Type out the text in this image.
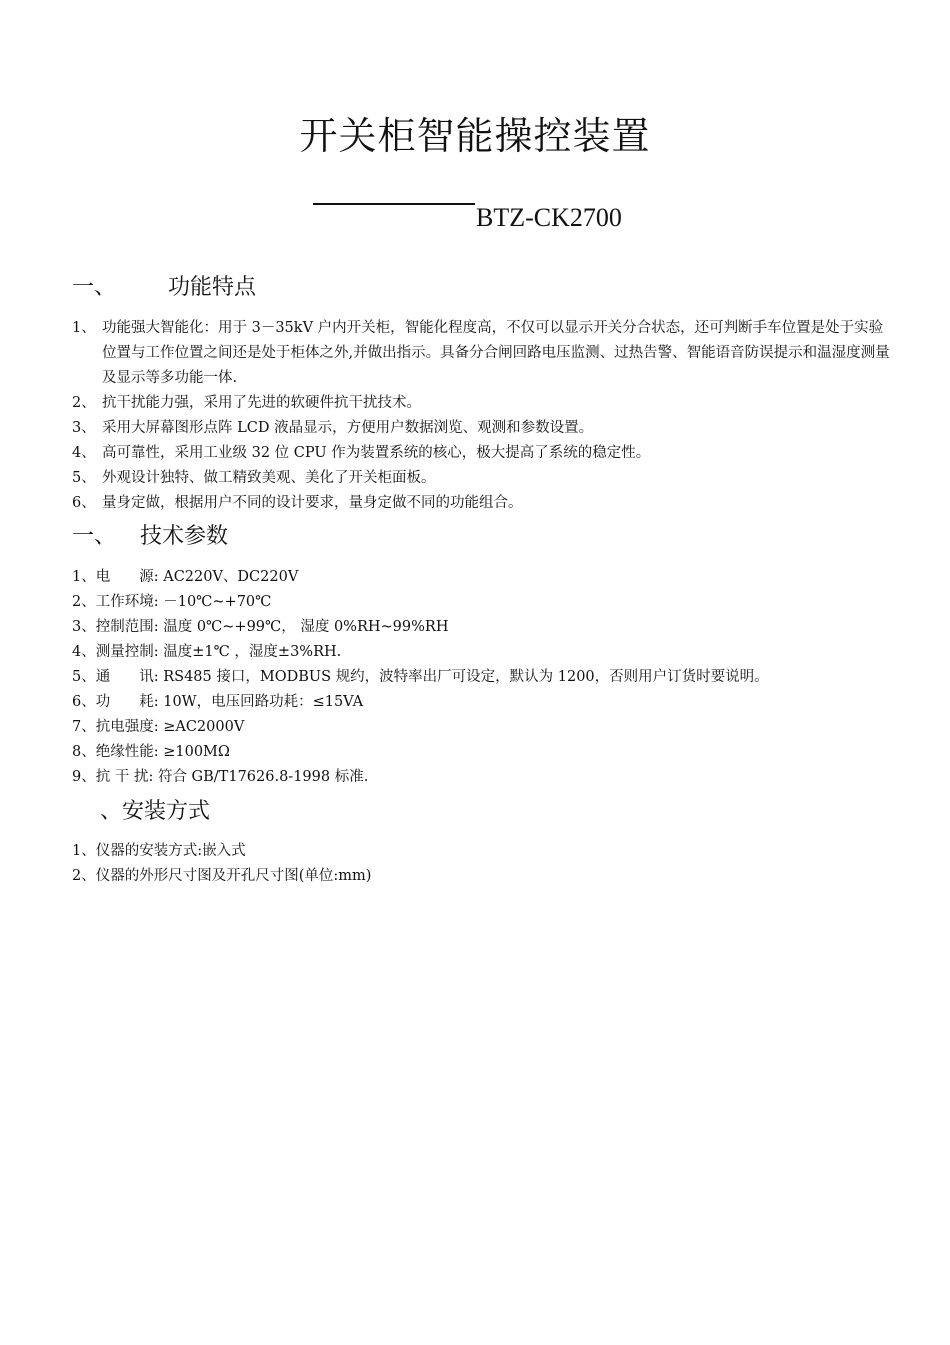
开关柜智能操控装置
BTZ-CK2700
一、 功能特点
1、 功能强大智能化：用于 3－35kV 户内开关柜，智能化程度高，不仅可以显示开关分合状态，还可判断手车位置是处于实验位置与工作位置之间还是处于柜体之外,并做出指示。具备分合闸回路电压监测、过热告警、智能语音防误提示和温湿度测量及显示等多功能一体.
2、 抗干扰能力强，采用了先进的软硬件抗干扰技术。
3、 采用大屏幕图形点阵 LCD 液晶显示，方便用户数据浏览、观测和参数设置。
4、 高可靠性，采用工业级 32 位 CPU 作为装置系统的核心，极大提高了系统的稳定性。
5、 外观设计独特、做工精致美观、美化了开关柜面板。
6、 量身定做，根据用户不同的设计要求，量身定做不同的功能组合。
一、 技术参数
1、电　　源: AC220V、DC220V
2、工作环境: －10℃~+70℃
3、控制范围: 温度 0℃~+99℃， 湿度 0%RH~99%RH
4、测量控制: 温度±1℃ ，湿度±3%RH.
5、通　　讯: RS485 接口，MODBUS 规约，波特率出厂可设定，默认为 1200，否则用户订货时要说明。
6、功　　耗: 10W，电压回路功耗：≤15VA
7、抗电强度: ≥AC2000V
8、绝缘性能: ≥100MΩ
9、抗 干 扰: 符合 GB/T17626.8-1998 标准.
、安装方式
1、仪器的安装方式:嵌入式
2、仪器的外形尺寸图及开孔尺寸图(单位:mm)
